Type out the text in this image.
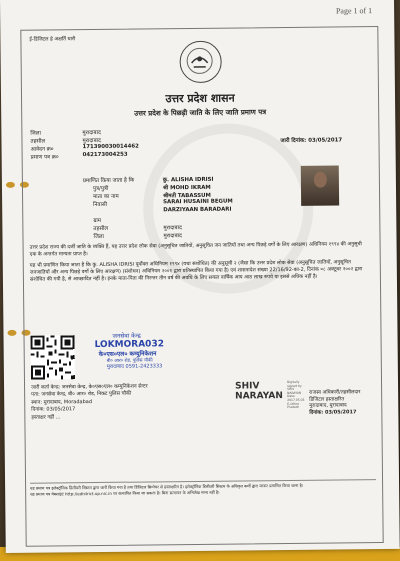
Page 1 of 1
ई-डिजिटल हे अक्षर्ति धारी
उत्तर प्रदेश शासन
उत्तर प्रदेश के पिछड़ी जाति के लिए जाति प्रमाण पत्र
जिला	मुरादाबाद
तहसील	मुरादाबाद
आवेदन क्र०	171390030014462
प्रमाण पत्र क्र०	042173004253
जारी दिनांक: 03/05/2017
प्रमाणित किया जाता है कि	कु. ALISHA IDRISI
पुत्र/पुत्री	श्री MOHD IKRAM
माता का नाम	श्रीमती TABASSUM
निवासी	SARAI HUSAINI BEGUM
DARZIYAAN BARADARI
ग्राम
तहसील	मुरादाबाद
जिला	मुरादाबाद
उत्तर प्रदेश राज्य की दर्जी जाति के व्यक्ति हैं, यह उत्तर प्रदेश लोक सेवा (अनुसूचित जातियों, अनुसूचित जन जातियों तथा अन्य पिछड़े वर्गों के लिए आरक्षण) अधिनियम १९९४ की अनुसूची एक के अन्तर्गत मान्यता प्राप्त है।
यह भी प्रमाणित किया जाता है कि कु. ALISHA IDRISI पूर्वोक्त अधिनियम १९९४ (यथा संशोधित) की अनुसूची २ (जैसा कि उत्तर प्रदेश लोक सेवा (अनुसूचित जातियों, अनुसूचित जनजातियों और अन्य पिछड़े वर्गों के लिए आरक्षण) (संशोधन) अधिनियम २००१ द्वारा प्रतिस्थापित किया गया है) एवं शासनादेश संख्या 22/16/92-का-2, दिनांक ०८ अक्टूबर २००२ द्वारा संशोधित की गयी है, से आच्छादित नहीं है। इनके माता-पिता की निरन्तर तीन वर्ष की अवधि के लिए सकल वार्षिक आय आठ लाख रुपये या इससे अधिक नहीं है।
जनसेवा केन्द्र
LOKMORA032
के०एस०एल० कम्युनिकेशन
बी० आर० रोड, पुलिस चौकी
मुरादाबाद 0591-2423333
जारी कर्ता केन्द्र: जनसेवा केन्द्र, के०एस०एल० कम्युनिकेशन सेन्टर
पता: जनसेवा केन्द्र, बी० आर० रोड, निकट पुलिस चौकी
स्थान: मुरादाबाद, Moradabad
दिनांक: 03/05/2017
हस्ताक्षर नहीं ...
SHIV
NARAYAN
Digitally signed by SHIV NARAYAN Date: 2017.05.03 E-Office Pradesh
राजस्व अधिकारी/तहसीलदार
डिजिटल हस्ताक्षरित
मुरादाबाद, मुरादाबाद
दिनांक: 03/05/2017
यह प्रमाण पत्र इलेक्ट्रॉनिक डिलीवरी सिस्टम द्वारा जारी किया गया है तथा डिजिटल सिग्नेचर से हस्ताक्षरित है। इलेक्ट्रॉनिक डिलीवरी सिस्टम के अधिकृत कर्मी द्वारा जाकर प्रमाणित किया जाना है।
यह प्रमाण पत्र वेबसाइट http://edistrict.up.nic.in पर सत्यापित किया जा सकता है। बिना सत्यापन के अभिलेख मान्य नहीं है।
